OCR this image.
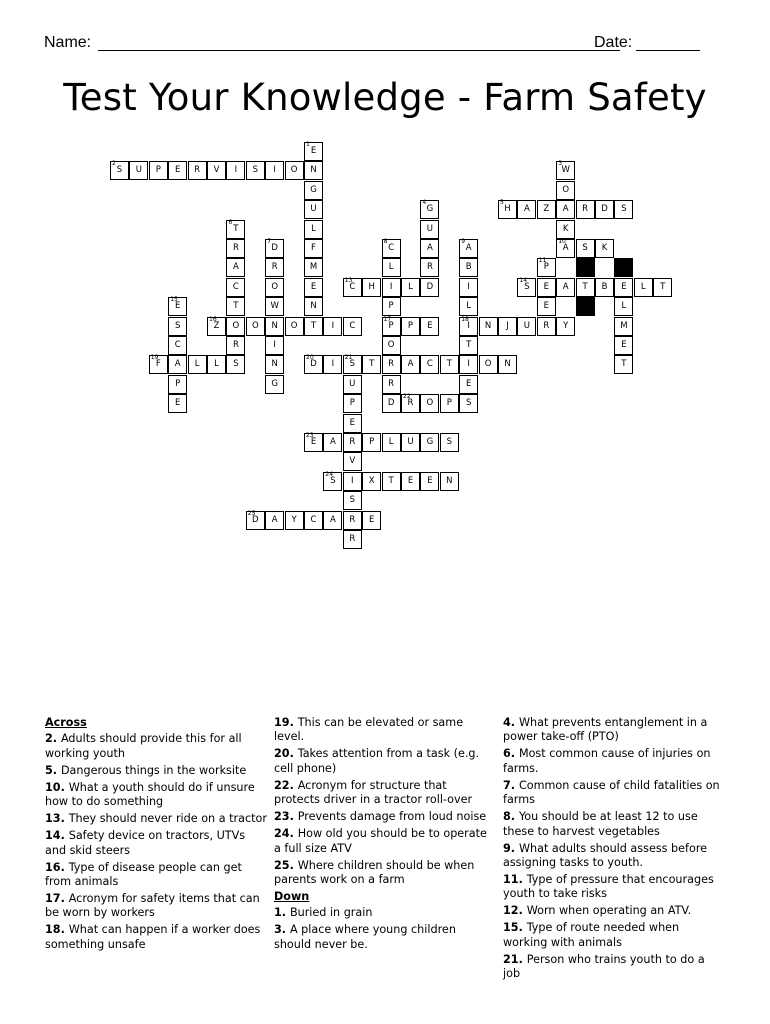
Name:	Date:
Test Your Knowledge - Farm Safety
1
E
N
G
U
L
F
M
E
N
T
2
S	U	P	E	R	V	I	S	I	O
3
W
O
A
K
4
G
U
A
R
D
5
H	A	Z	R	D	S
6
T
R
A
C
T
O
R
7
D
R
O
W
N
I
N
G
8
C
L
I
P
17
P
O
R
R
D
9
A
B
I
L
18
I
T
I
E
S
10
A	S	K
11
P
E
E
R
E
L
M
E
T
13
C	H	L
14
S	A	T	B	L	T
15
E
S
C
A
P
E
16
Z	O	O	I	C	P	E	N	J	U	Y
19
F	L	L	S
20
D	I
21
S	T	A	C	T	O	N
U
P
E
R
V
I
S
R
R
22
R	O	P
23
E	A	P	L	U	G	S
24
S	X	T	E	E	N
25
D	A	Y	C	A	E
Across
2. Adults should provide this for all working youth
5. Dangerous things in the worksite
10. What a youth should do if unsure how to do something
13. They should never ride on a tractor
14. Safety device on tractors, UTVs and skid steers
16. Type of disease people can get from animals
17. Acronym for safety items that can be worn by workers
18. What can happen if a worker does something unsafe
19. This can be elevated or same level.
20. Takes attention from a task (e.g. cell phone)
22. Acronym for structure that protects driver in a tractor roll-over
23. Prevents damage from loud noise
24. How old you should be to operate a full size ATV
25. Where children should be when parents work on a farm
Down
1. Buried in grain
3. A place where young children should never be.
4. What prevents entanglement in a power take-off (PTO)
6. Most common cause of injuries on farms.
7. Common cause of child fatalities on farms
8. You should be at least 12 to use these to harvest vegetables
9. What adults should assess before assigning tasks to youth.
11. Type of pressure that encourages youth to take risks
12. Worn when operating an ATV.
15. Type of route needed when working with animals
21. Person who trains youth to do a job
